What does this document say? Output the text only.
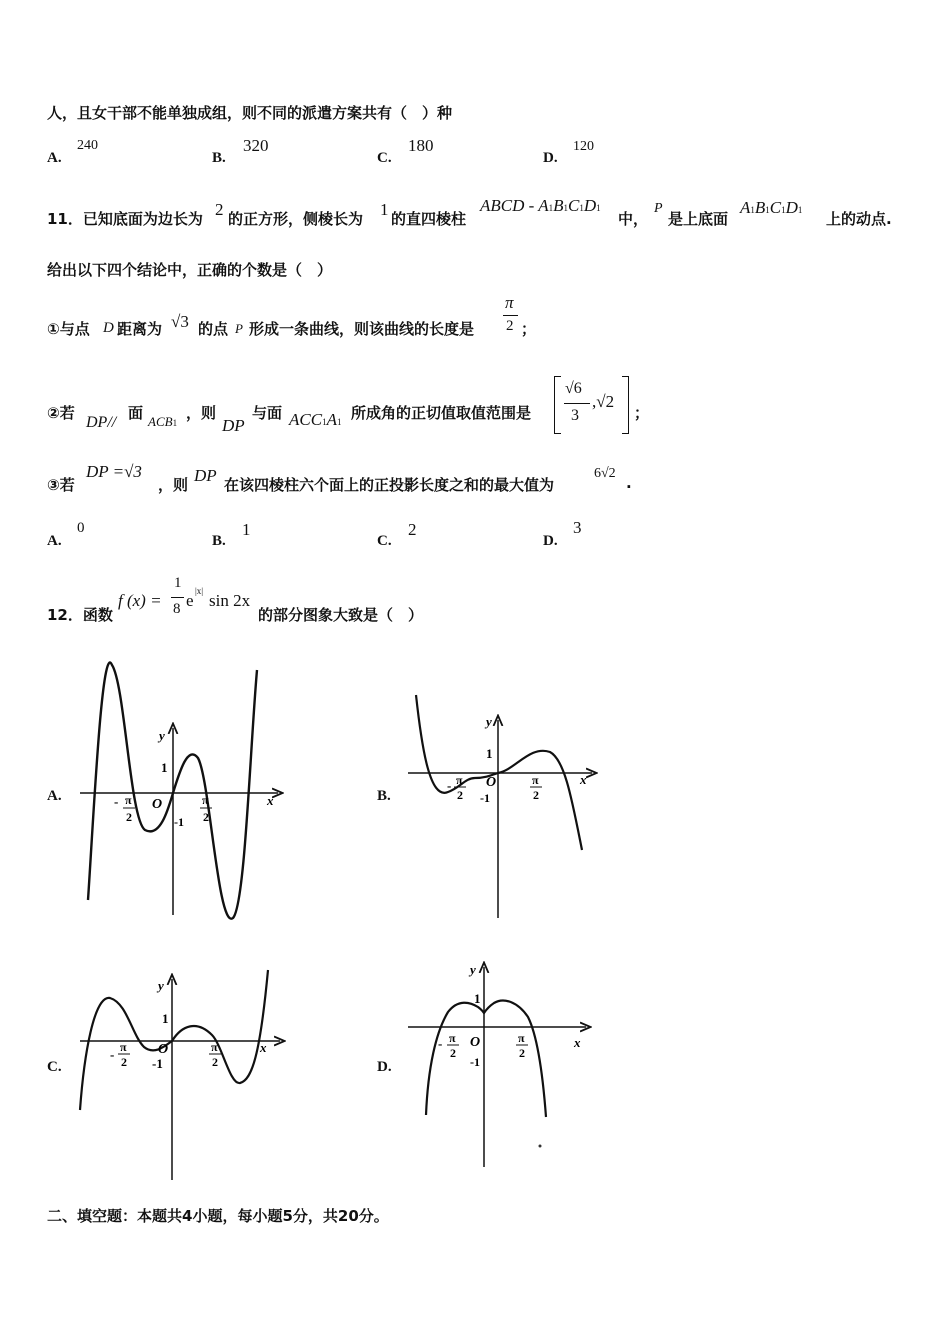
人，且女干部不能单独成组，则不同的派遣方案共有（　）种
A.
240
B.
320
C.
180
D.
120
11．已知底面为边长为 2 的正方形，侧棱长为 1 的直四棱柱
ABCD - A1B1C1D1
中，
P
是上底面
A1B1C1D1 上的动点.
给出以下四个结论中，正确的个数是（　）
①与点 D 距离为 √3 的点 P 形成一条曲线，则该曲线的长度是
π
2 ；
②若
DP//
面 ACB1
，则
DP
与面 ACC1A1 所成角的正切值取值范围是
√6
3
,√2
；
③若
DP =√3
，则 DP 在该四棱柱六个面上的正投影长度之和的最大值为
6√2
.
A.
0
B.
1
C.
2
D.
3
12．函数
f (x) =
1
8 e |x| sin 2x
的部分图象大致是（　）
A.
y
x
O
1
-1
- π
2
π
2
B.
y
x
O
1
-1
- π
2
π
2
C.
y
x
O
1
-1
- π
2
π
2	D.
y
x
O
1
-1
- π
2
π
2
二、填空题：本题共4小题，每小题5分，共20分。
